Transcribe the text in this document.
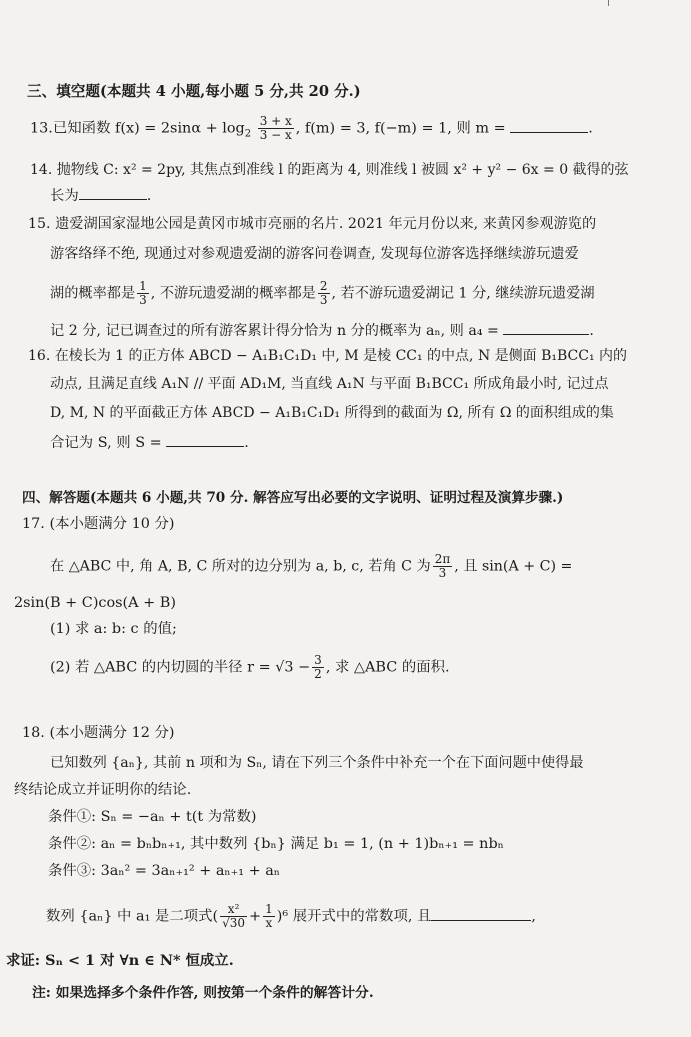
三、填空题(本题共 4 小题,每小题 5 分,共 20 分.)
13.已知函数 $f(x) = 2\sin\alpha + \log_2 \frac{3 + x}{3 - x}$ , f(m) = 3, f(−m) = 1, 则 m =	.
14. 抛物线 C: x² = 2py, 其焦点到准线 l 的距离为 4, 则准线 l 被圆 x² + y² − 6x = 0 截得的弦
长为	.
15. 遗爱湖国家湿地公园是黄冈市城市亮丽的名片. 2021 年元月份以来, 来黄冈参观游览的
游客络绎不绝, 现通过对参观遗爱湖的游客问卷调查, 发现每位游客选择继续游玩遗爱
湖的概率都是 $\frac{1}{3}$ , 不游玩遗爱湖的概率都是 $\frac{2}{3}$ , 若不游玩遗爱湖记 1 分, 继续游玩遗爱湖
记 2 分, 记已调查过的所有游客累计得分恰为 n 分的概率为 aₙ, 则 a₄ =	.
16. 在棱长为 1 的正方体 ABCD − A₁B₁C₁D₁ 中, M 是棱 CC₁ 的中点, N 是侧面 B₁BCC₁ 内的
动点, 且满足直线 A₁N // 平面 AD₁M, 当直线 A₁N 与平面 B₁BCC₁ 所成角最小时, 记过点
D, M, N 的平面截正方体 ABCD − A₁B₁C₁D₁ 所得到的截面为 Ω, 所有 Ω 的面积组成的集
合记为 S, 则 S =	.
四、解答题(本题共 6 小题,共 70 分. 解答应写出必要的文字说明、证明过程及演算步骤.)
17. (本小题满分 10 分)
在 △ABC 中, 角 A, B, C 所对的边分别为 a, b, c, 若角 C 为 $\frac{2\pi}{3}$ , 且 sin(A + C) =
2sin(B + C)cos(A + B)
(1) 求 a: b: c 的值;
(2) 若 △ABC 的内切圆的半径 $r = √3 - \frac{3}{2}$ , 求 △ABC 的面积.
18. (本小题满分 12 分)
已知数列 {aₙ}, 其前 n 项和为 Sₙ, 请在下列三个条件中补充一个在下面问题中使得最
终结论成立并证明你的结论.
条件①: Sₙ = −aₙ + t(t 为常数)
条件②: aₙ = bₙbₙ₊₁, 其中数列 {bₙ} 满足 b₁ = 1, (n + 1)bₙ₊₁ = nbₙ
条件③: 3aₙ² = 3aₙ₊₁² + aₙ₊₁ + aₙ
数列 {aₙ} 中 a₁ 是二项式( $\frac{\text{x²}}{√30} + \frac{1}{x} )^6$ 展开式中的常数项, 且	,
求证: Sₙ < 1 对 ∀n ∈ N* 恒成立.
注: 如果选择多个条件作答, 则按第一个条件的解答计分.
